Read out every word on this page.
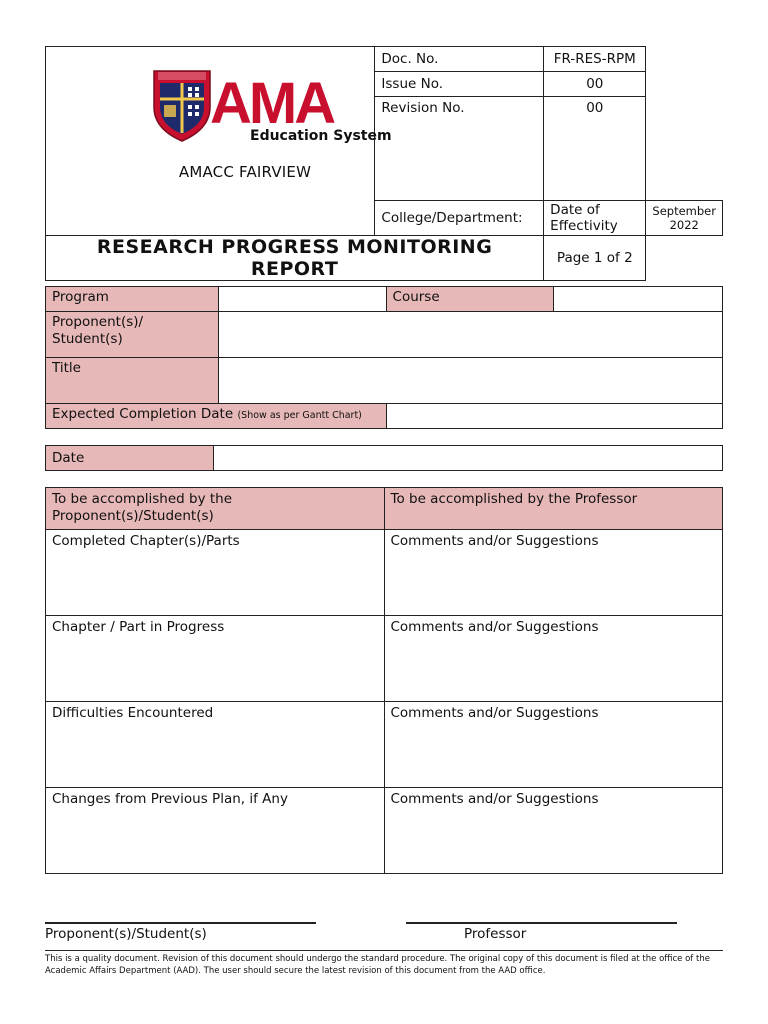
AMA
Education System
AMACC FAIRVIEW	Doc. No.	FR-RES-RPM	
	Issue No.	00	
	Revision No.	00	
	College/Department:	Date of Effectivity	September
2022

RESEARCH PROGRESS MONITORING REPORT		Page 1 of 2	
Program		Course	

Proponent(s)/
Student(s)			

Title			
Expected Completion Date (Show as per Gantt Chart)			
Date	
To be accomplished by the
Proponent(s)/Student(s)	To be accomplished by the Professor
Completed Chapter(s)/Parts	Comments and/or Suggestions
Chapter / Part in Progress	Comments and/or Suggestions
Difficulties Encountered	Comments and/or Suggestions
Changes from Previous Plan, if Any	Comments and/or Suggestions
Proponent(s)/Student(s)	Professor
This is a quality document. Revision of this document should undergo the standard procedure. The original copy of this document is filed at the office of the
Academic Affairs Department (AAD). The user should secure the latest revision of this document from the AAD office.
